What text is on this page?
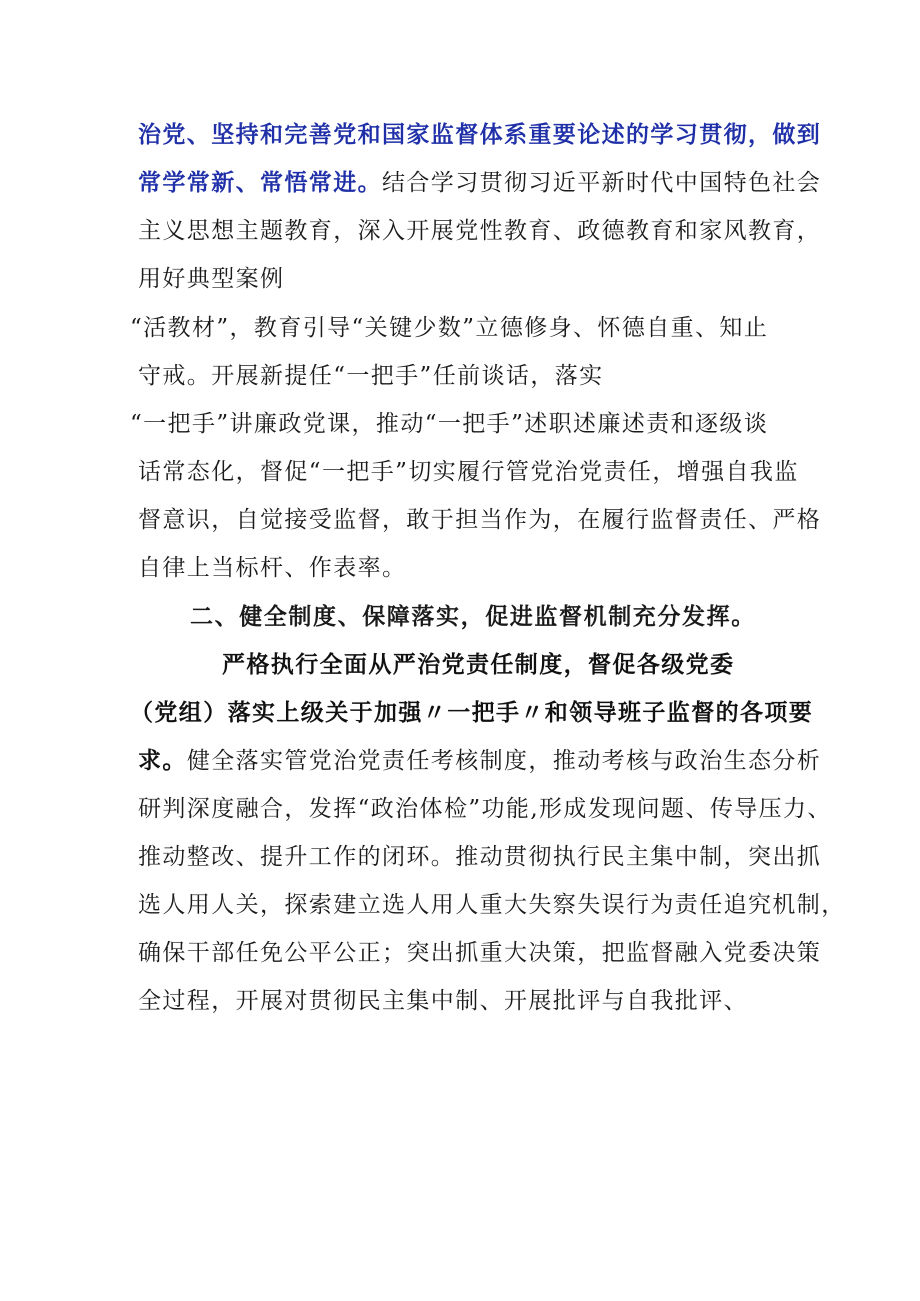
治党、坚持和完善党和国家监督体系重要论述的学习贯彻，做到
常学常新、常悟常进。结合学习贯彻习近平新时代中国特色社会
主义思想主题教育，深入开展党性教育、政德教育和家风教育，
用好典型案例
“活教材”，教育引导“关键少数”立德修身、怀德自重、知止
守戒。开展新提任“一把手”任前谈话，落实
“一把手”讲廉政党课，推动“一把手”述职述廉述责和逐级谈
话常态化，督促“一把手”切实履行管党治党责任，增强自我监
督意识，自觉接受监督，敢于担当作为，在履行监督责任、严格
自律上当标杆、作表率。
二、健全制度、保障落实，促进监督机制充分发挥。
严格执行全面从严治党责任制度，督促各级党委
（党组）落实上级关于加强〃一把手〃和领导班子监督的各项要
求。健全落实管党治党责任考核制度，推动考核与政治生态分析
研判深度融合，发挥“政治体检”功能,形成发现问题、传导压力、
推动整改、提升工作的闭环。推动贯彻执行民主集中制，突出抓
选人用人关，探索建立选人用人重大失察失误行为责任追究机制，
确保干部任免公平公正；突出抓重大决策，把监督融入党委决策
全过程，开展对贯彻民主集中制、开展批评与自我批评、
